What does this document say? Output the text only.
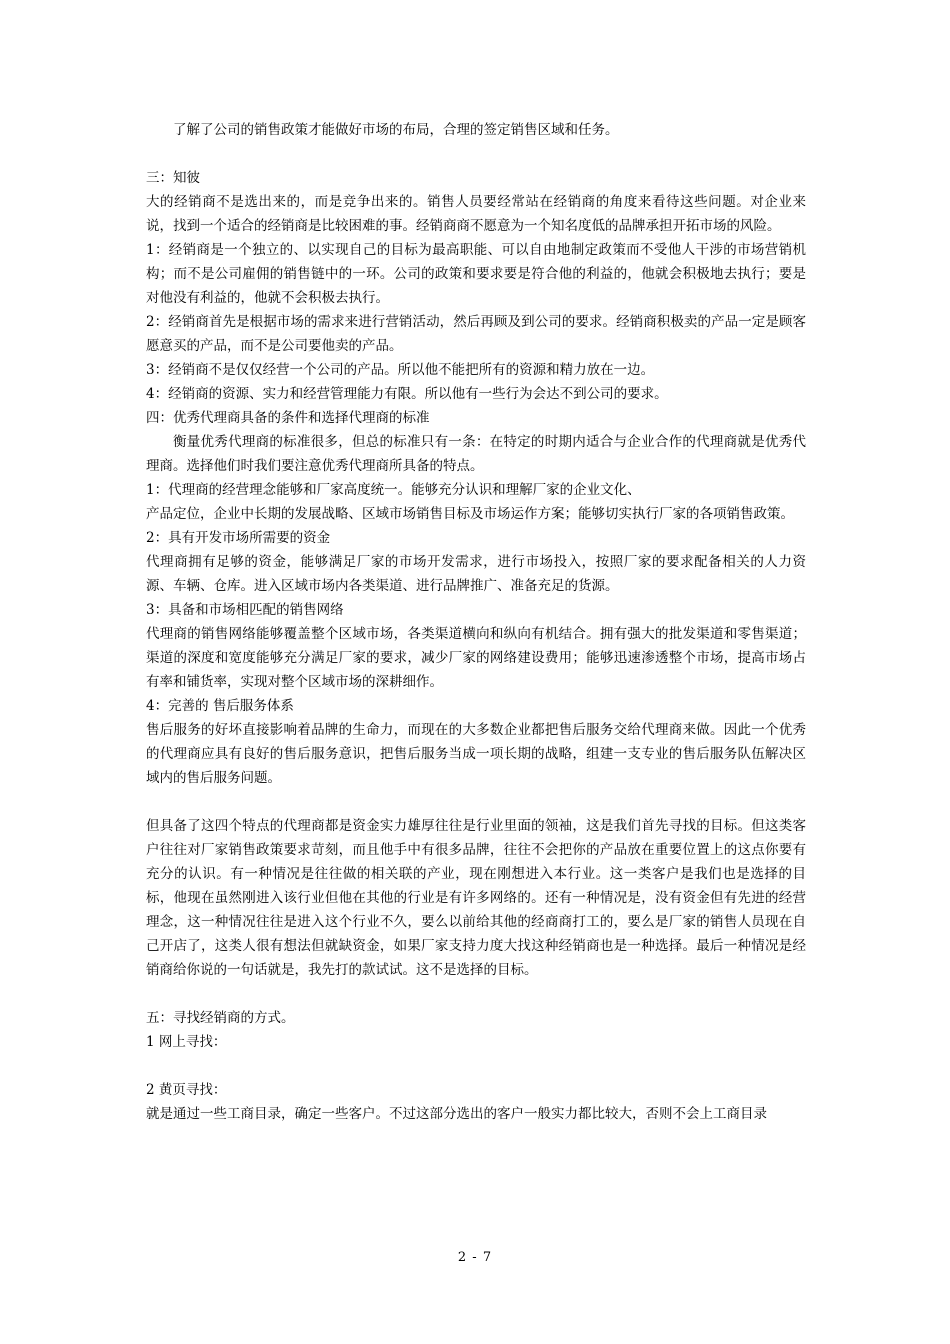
了解了公司的销售政策才能做好市场的布局，合理的签定销售区域和任务。

三：知彼

大的经销商不是选出来的，而是竞争出来的。销售人员要经常站在经销商的角度来看待这些问题。对企业来说，找到一个适合的经销商是比较困难的事。经销商商不愿意为一个知名度低的品牌承担开拓市场的风险。

1：经销商是一个独立的、以实现自己的目标为最高职能、可以自由地制定政策而不受他人干涉的市场营销机构；而不是公司雇佣的销售链中的一环。公司的政策和要求要是符合他的利益的，他就会积极地去执行；要是对他没有利益的，他就不会积极去执行。

2：经销商首先是根据市场的需求来进行营销活动，然后再顾及到公司的要求。经销商积极卖的产品一定是顾客愿意买的产品，而不是公司要他卖的产品。

3：经销商不是仅仅经营一个公司的产品。所以他不能把所有的资源和精力放在一边。

4：经销商的资源、实力和经营管理能力有限。所以他有一些行为会达不到公司的要求。

四：优秀代理商具备的条件和选择代理商的标准

衡量优秀代理商的标准很多，但总的标准只有一条：在特定的时期内适合与企业合作的代理商就是优秀代理商。选择他们时我们要注意优秀代理商所具备的特点。

1：代理商的经营理念能够和厂家高度统一。能够充分认识和理解厂家的企业文化、

产品定位，企业中长期的发展战略、区域市场销售目标及市场运作方案；能够切实执行厂家的各项销售政策。

2：具有开发市场所需要的资金

代理商拥有足够的资金，能够满足厂家的市场开发需求，进行市场投入，按照厂家的要求配备相关的人力资源、车辆、仓库。进入区域市场内各类渠道、进行品牌推广、准备充足的货源。

3：具备和市场相匹配的销售网络

代理商的销售网络能够覆盖整个区域市场，各类渠道横向和纵向有机结合。拥有强大的批发渠道和零售渠道；渠道的深度和宽度能够充分满足厂家的要求，减少厂家的网络建设费用；能够迅速渗透整个市场，提高市场占有率和铺货率，实现对整个区域市场的深耕细作。

4：完善的 售后服务体系

售后服务的好坏直接影响着品牌的生命力，而现在的大多数企业都把售后服务交给代理商来做。因此一个优秀的代理商应具有良好的售后服务意识，把售后服务当成一项长期的战略，组建一支专业的售后服务队伍解决区域内的售后服务问题。

但具备了这四个特点的代理商都是资金实力雄厚往往是行业里面的领袖，这是我们首先寻找的目标。但这类客户往往对厂家销售政策要求苛刻，而且他手中有很多品牌，往往不会把你的产品放在重要位置上的这点你要有充分的认识。有一种情况是往往做的相关联的产业，现在刚想进入本行业。这一类客户是我们也是选择的目标，他现在虽然刚进入该行业但他在其他的行业是有许多网络的。还有一种情况是，没有资金但有先进的经营理念，这一种情况往往是进入这个行业不久，要么以前给其他的经商商打工的，要么是厂家的销售人员现在自己开店了，这类人很有想法但就缺资金，如果厂家支持力度大找这种经销商也是一种选择。最后一种情况是经销商给你说的一句话就是，我先打的款试试。这不是选择的目标。

五：寻找经销商的方式。

1 网上寻找：

2 黄页寻找：

就是通过一些工商目录，确定一些客户。不过这部分选出的客户一般实力都比较大，否则不会上工商目录

2 - 7
